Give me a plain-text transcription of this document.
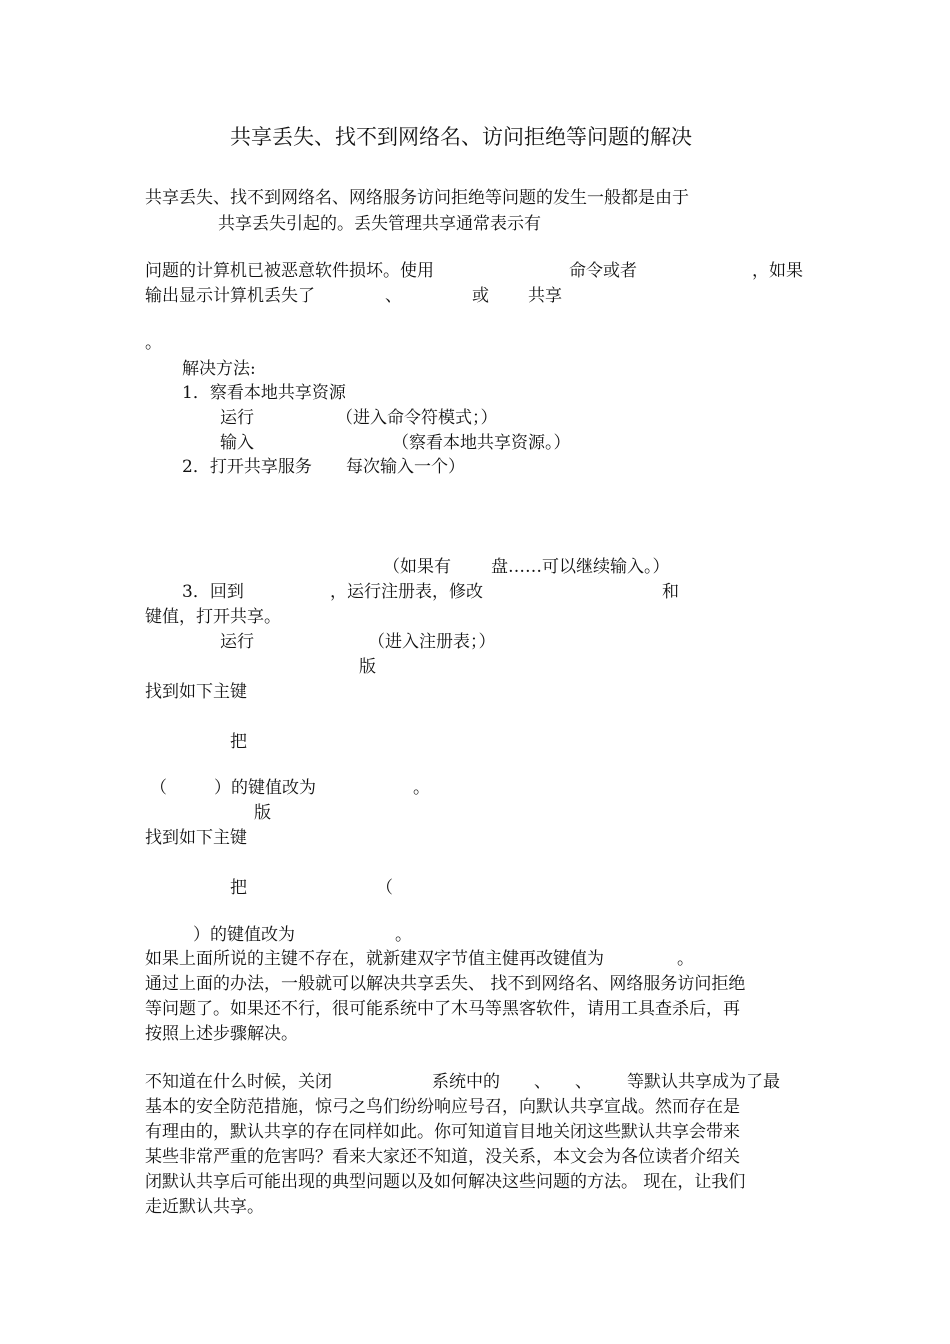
共享丢失、找不到网络名、访问拒绝等问题的解决
共享丢失、找不到网络名、网络服务访问拒绝等问题的发生一般都是由于
共享丢失引起的。丢失管理共享通常表示有
问题的计算机已被恶意软件损坏。使用	命令或者	，如果
输出显示计算机丢失了	、	或 共享
。
解决方法:
1．察看本地共享资源
运行	（进入命令符模式；）
输入	（察看本地共享资源。）
2．打开共享服务 每次输入一个）
（如果有 盘……可以继续输入。）
3．回到	，运行注册表，修改	和
键值，打开共享。
运行	（进入注册表；）
版
找到如下主键
把
（	）的键值改为	。
版
找到如下主键
把	（
）的键值改为	。
如果上面所说的主键不存在，就新建双字节值主健再改键值为	。
通过上面的办法，一般就可以解决共享丢失、 找不到网络名、网络服务访问拒绝
等问题了。如果还不行，很可能系统中了木马等黑客软件，请用工具查杀后，再
按照上述步骤解决。
不知道在什么时候，关闭	系统中的 、 、 等默认共享成为了最
基本的安全防范措施，惊弓之鸟们纷纷响应号召，向默认共享宣战。然而存在是
有理由的，默认共享的存在同样如此。你可知道盲目地关闭这些默认共享会带来
某些非常严重的危害吗？看来大家还不知道，没关系，本文会为各位读者介绍关
闭默认共享后可能出现的典型问题以及如何解决这些问题的方法。 现在，让我们
走近默认共享。
